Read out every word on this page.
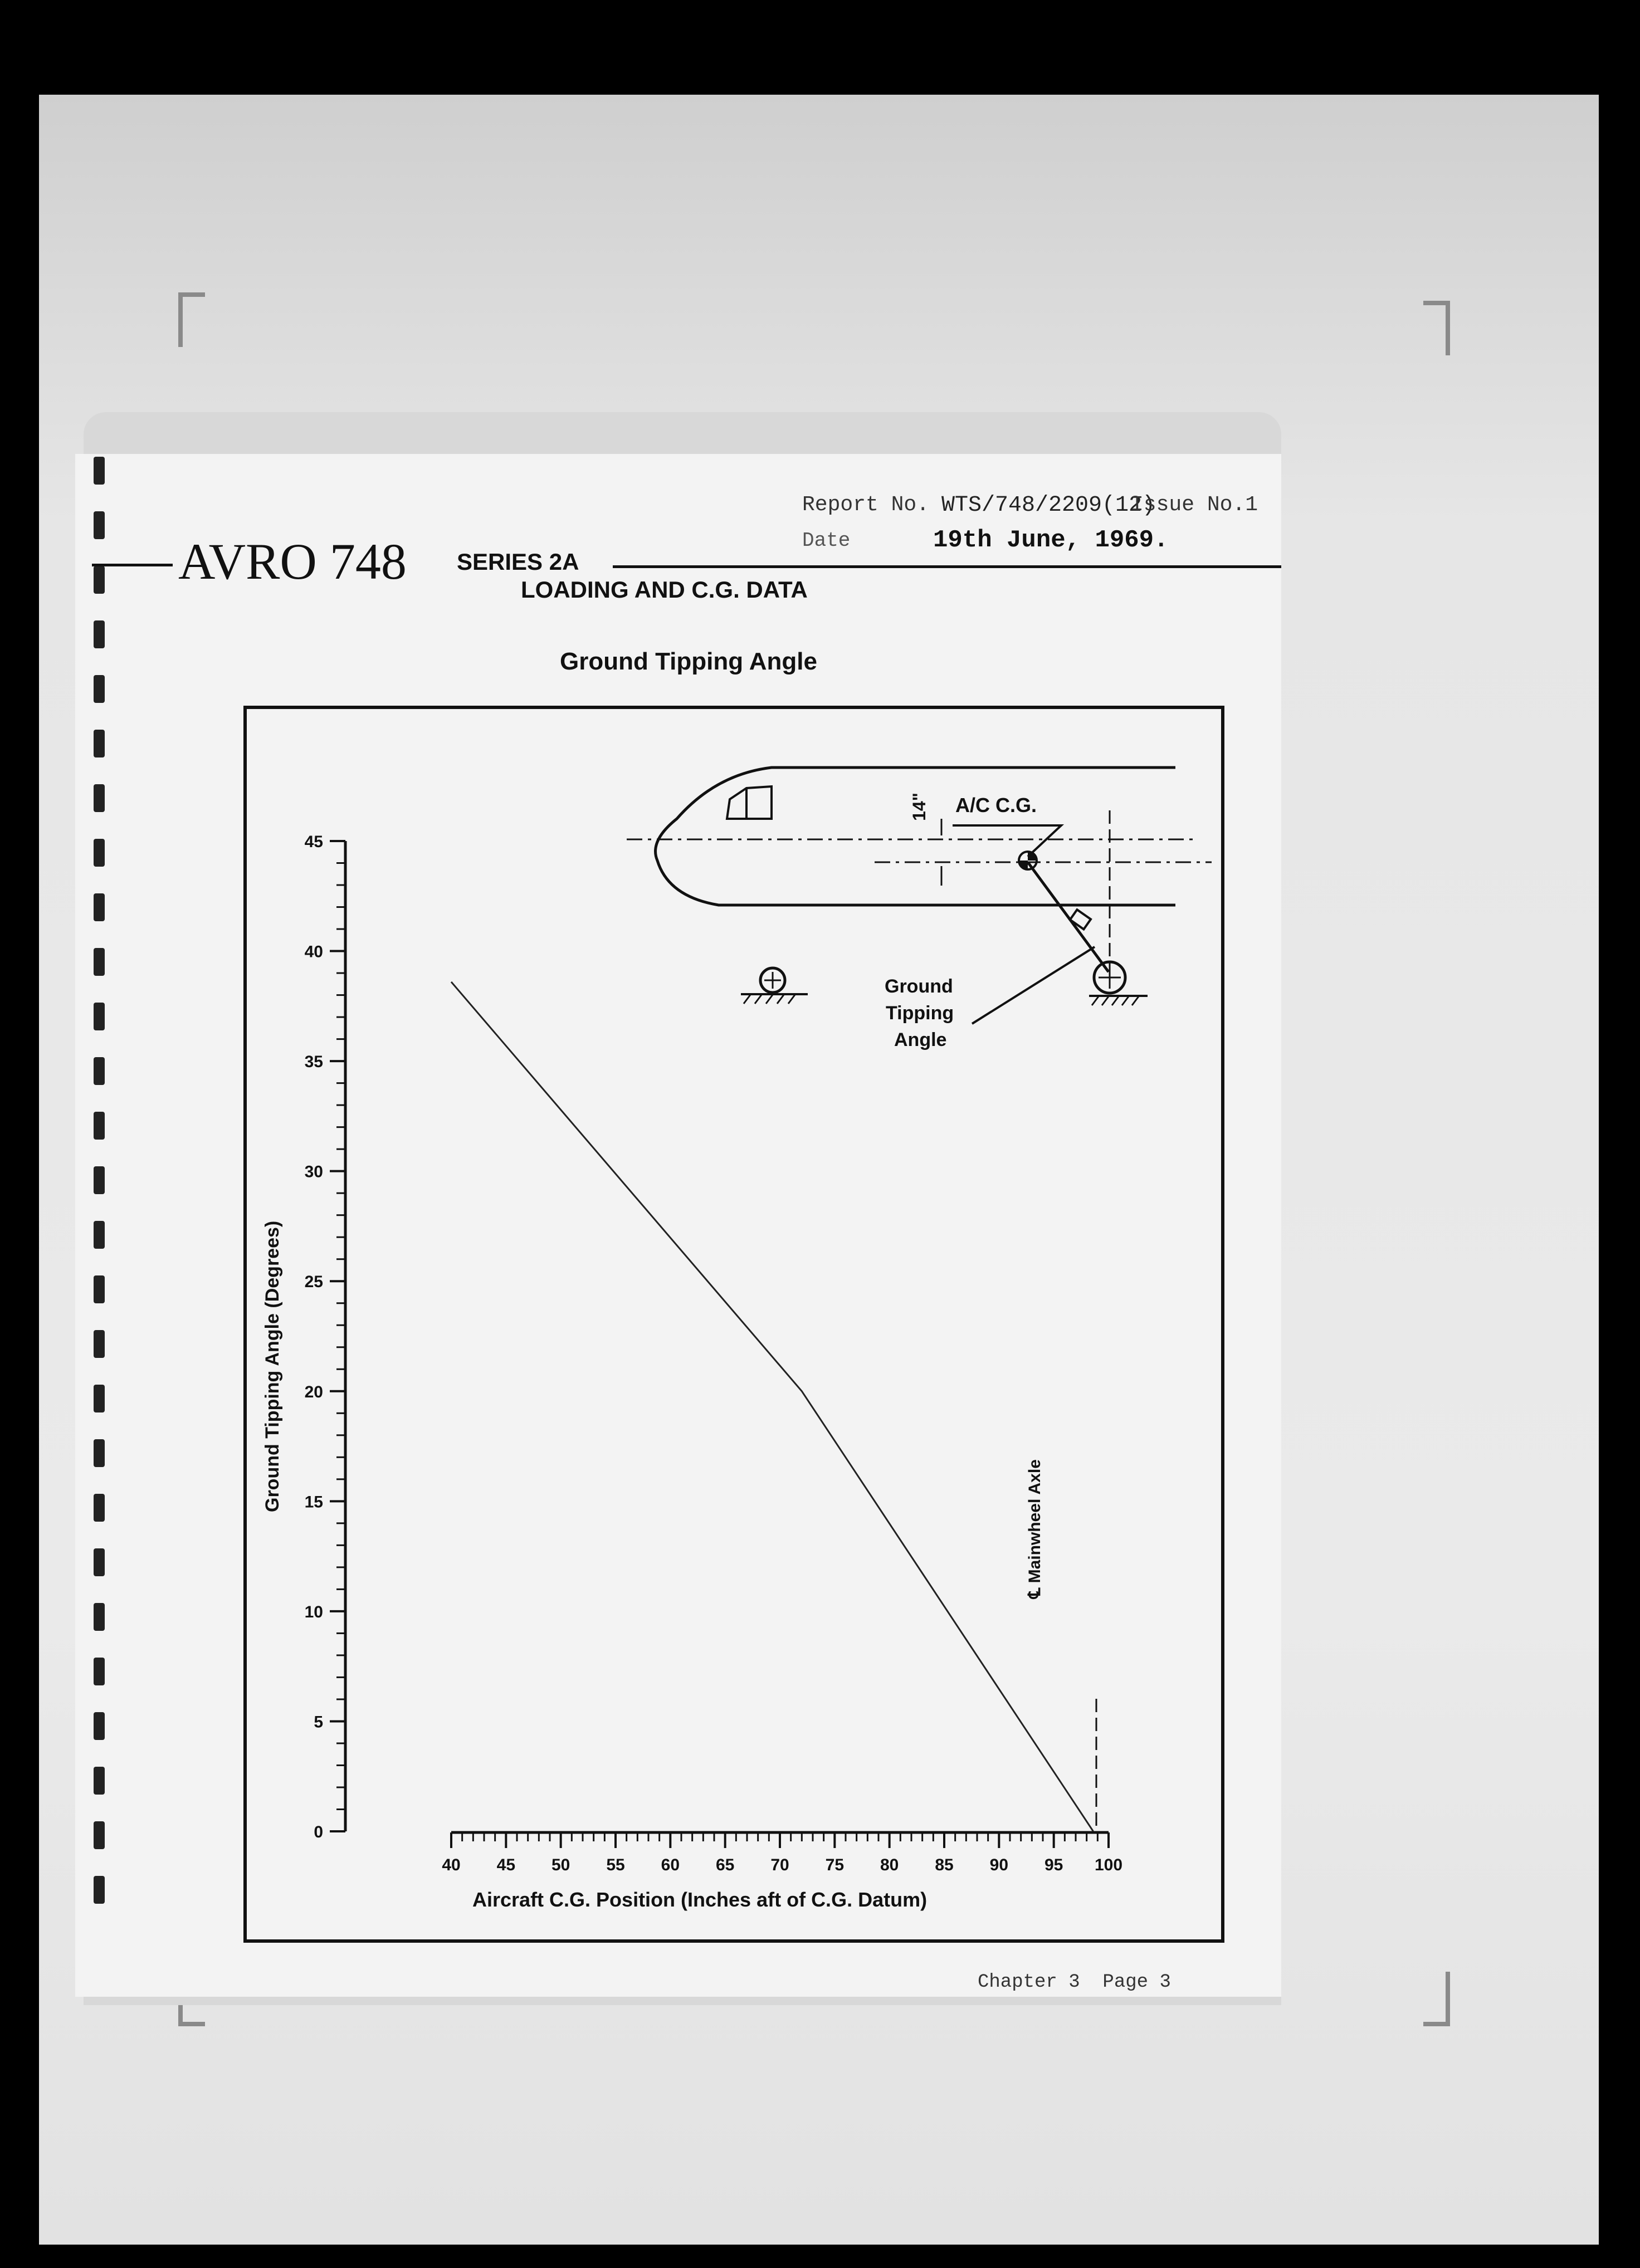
Report No. WTS/748/2209(12)
Issue No.1
Date	19th June, 1969.
AVRO 748 SERIES 2A
LOADING AND C.G. DATA
Ground Tipping Angle
0
5
10
15
20
25
30
35
40
45
40 45 50 55 60 65 70 75 80 85 90 95 100
14" A/C C.G.
Ground
Tipping
Angle
℄ Mainwheel Axle
Ground Tipping Angle (Degrees)
Aircraft C.G. Position (Inches aft of C.G. Datum)
Chapter 3  Page 3
